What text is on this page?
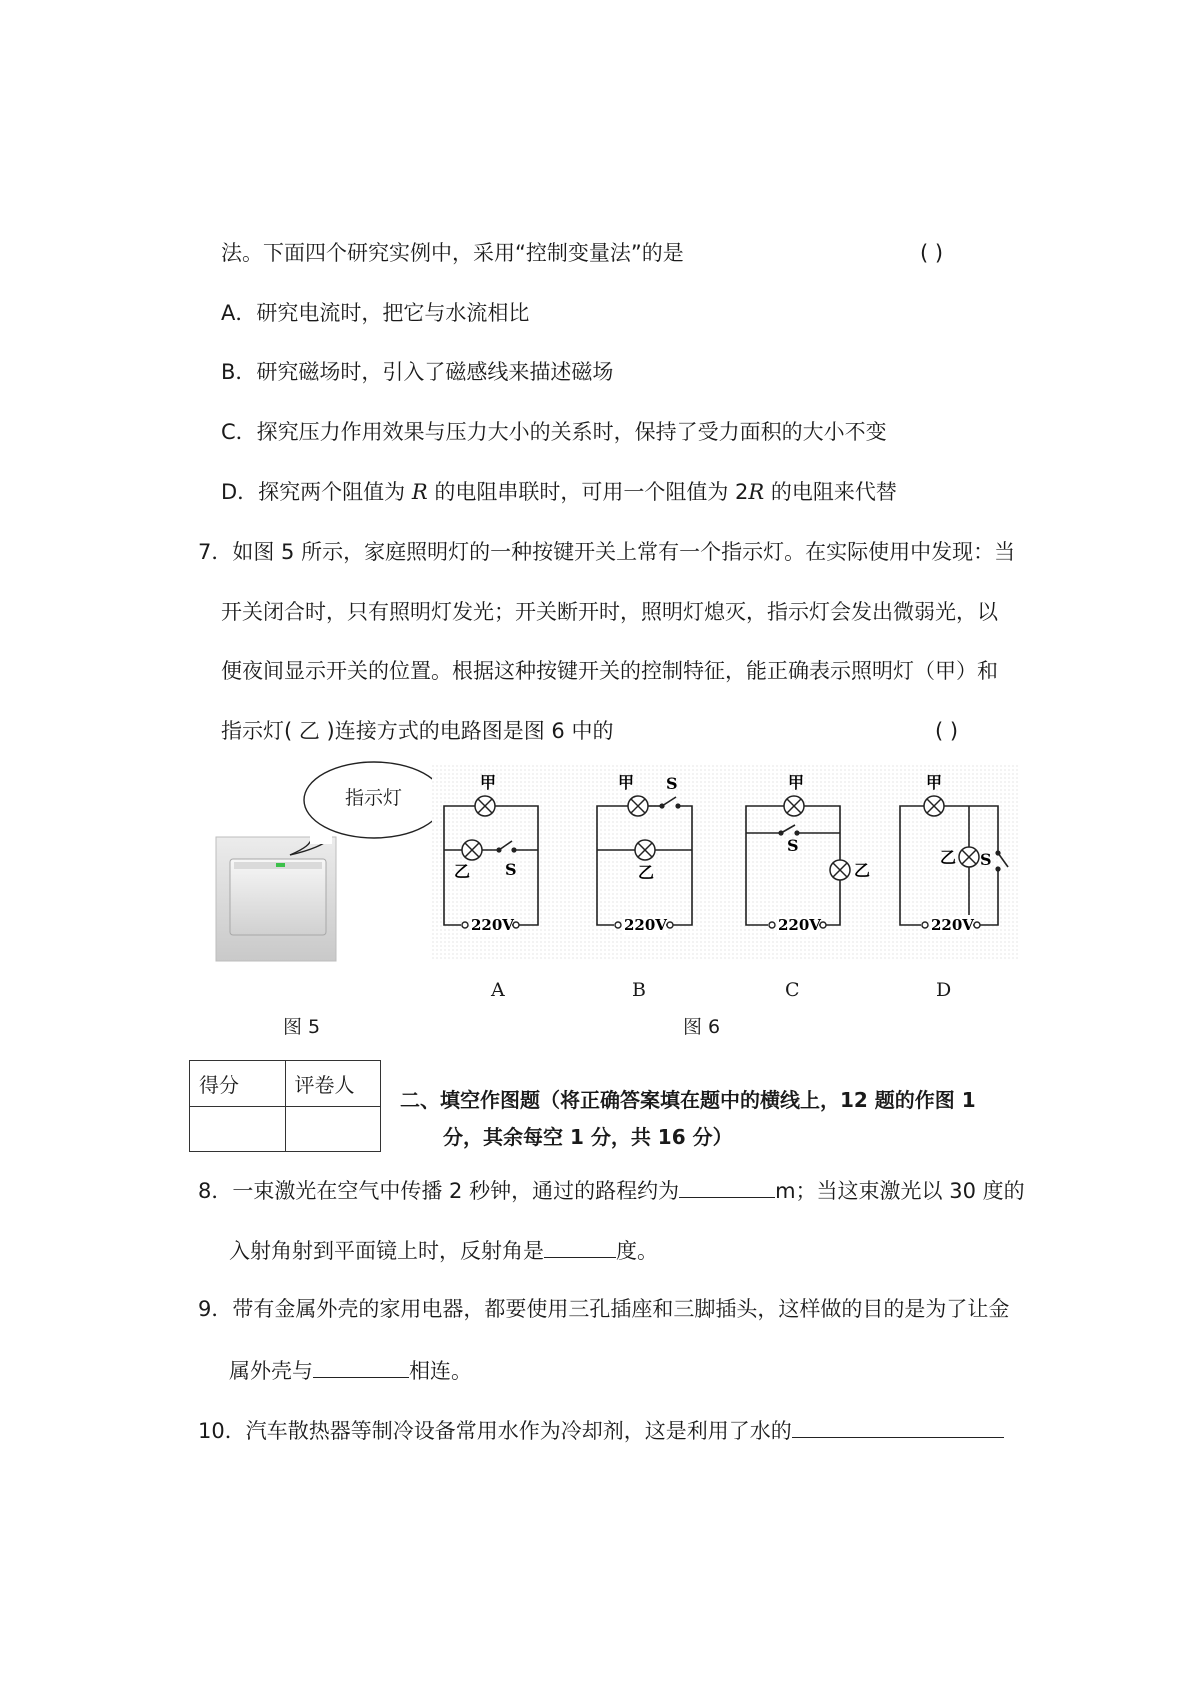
法。下面四个研究实例中，采用“控制变量法”的是	( )
A．研究电流时，把它与水流相比
B．研究磁场时，引入了磁感线来描述磁场
C．探究压力作用效果与压力大小的关系时，保持了受力面积的大小不变
D．探究两个阻值为 R 的电阻串联时，可用一个阻值为 2R 的电阻来代替
7．如图 5 所示，家庭照明灯的一种按键开关上常有一个指示灯。在实际使用中发现：当
开关闭合时，只有照明灯发光；开关断开时，照明灯熄灭，指示灯会发出微弱光，以
便夜间显示开关的位置。根据这种按键开关的控制特征，能正确表示照明灯（甲）和
指示灯( 乙 )连接方式的电路图是图 6 中的	( )
指示灯
图 5
甲
乙 S
220V
甲 S
乙
220V
甲
S
乙
220V
甲
乙 S
220V
A	B	C	D
图 6
得分	评卷人

二、填空作图题（将正确答案填在题中的横线上，12 题的作图 1
分，其余每空 1 分，共 16 分）
8．一束激光在空气中传播 2 秒钟，通过的路程约为	m；当这束激光以 30 度的
入射角射到平面镜上时，反射角是	度。
9．带有金属外壳的家用电器，都要使用三孔插座和三脚插头，这样做的目的是为了让金
属外壳与	相连。
10．汽车散热器等制冷设备常用水作为冷却剂，这是利用了水的
